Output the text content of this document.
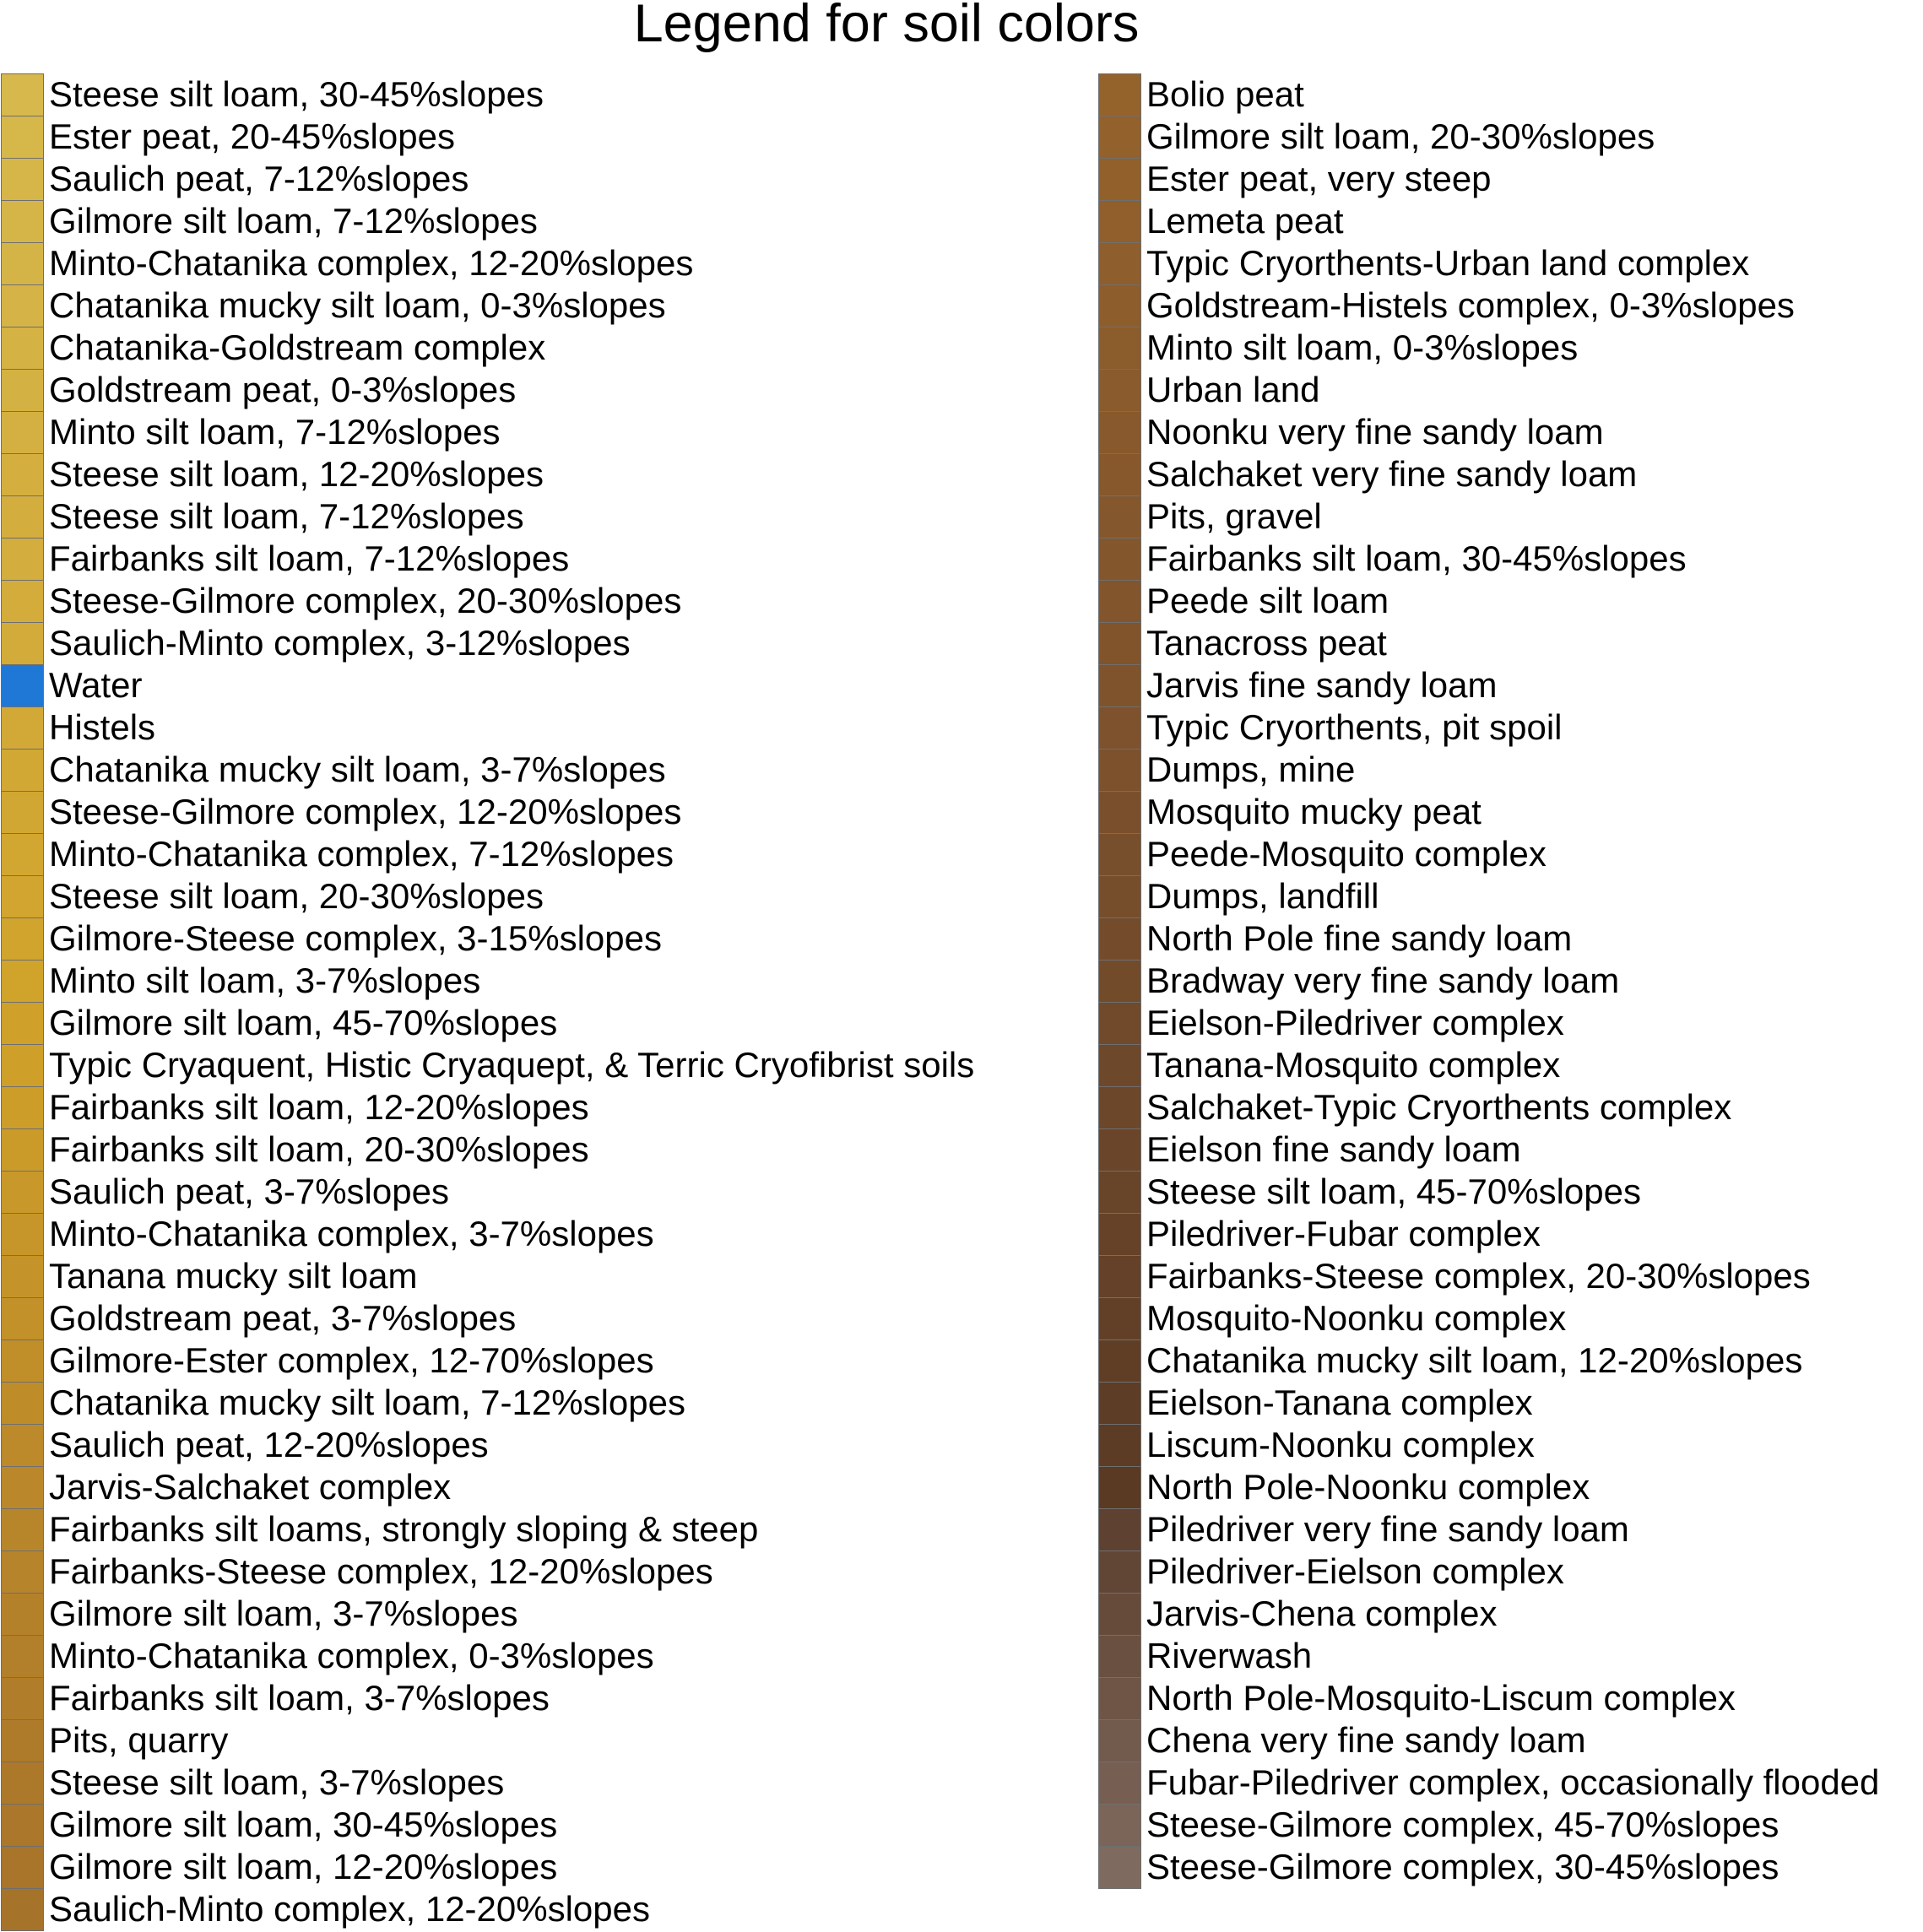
Legend for soil colors
Steese silt loam, 30-45%slopes
Ester peat, 20-45%slopes
Saulich peat, 7-12%slopes
Gilmore silt loam, 7-12%slopes
Minto-Chatanika complex, 12-20%slopes
Chatanika mucky silt loam, 0-3%slopes
Chatanika-Goldstream complex
Goldstream peat, 0-3%slopes
Minto silt loam, 7-12%slopes
Steese silt loam, 12-20%slopes
Steese silt loam, 7-12%slopes
Fairbanks silt loam, 7-12%slopes
Steese-Gilmore complex, 20-30%slopes
Saulich-Minto complex, 3-12%slopes
Water
Histels
Chatanika mucky silt loam, 3-7%slopes
Steese-Gilmore complex, 12-20%slopes
Minto-Chatanika complex, 7-12%slopes
Steese silt loam, 20-30%slopes
Gilmore-Steese complex, 3-15%slopes
Minto silt loam, 3-7%slopes
Gilmore silt loam, 45-70%slopes
Typic Cryaquent, Histic Cryaquept, & Terric Cryofibrist soils
Fairbanks silt loam, 12-20%slopes
Fairbanks silt loam, 20-30%slopes
Saulich peat, 3-7%slopes
Minto-Chatanika complex, 3-7%slopes
Tanana mucky silt loam
Goldstream peat, 3-7%slopes
Gilmore-Ester complex, 12-70%slopes
Chatanika mucky silt loam, 7-12%slopes
Saulich peat, 12-20%slopes
Jarvis-Salchaket complex
Fairbanks silt loams, strongly sloping & steep
Fairbanks-Steese complex, 12-20%slopes
Gilmore silt loam, 3-7%slopes
Minto-Chatanika complex, 0-3%slopes
Fairbanks silt loam, 3-7%slopes
Pits, quarry
Steese silt loam, 3-7%slopes
Gilmore silt loam, 30-45%slopes
Gilmore silt loam, 12-20%slopes
Saulich-Minto complex, 12-20%slopes
Bolio peat
Gilmore silt loam, 20-30%slopes
Ester peat, very steep
Lemeta peat
Typic Cryorthents-Urban land complex
Goldstream-Histels complex, 0-3%slopes
Minto silt loam, 0-3%slopes
Urban land
Noonku very fine sandy loam
Salchaket very fine sandy loam
Pits, gravel
Fairbanks silt loam, 30-45%slopes
Peede silt loam
Tanacross peat
Jarvis fine sandy loam
Typic Cryorthents, pit spoil
Dumps, mine
Mosquito mucky peat
Peede-Mosquito complex
Dumps, landfill
North Pole fine sandy loam
Bradway very fine sandy loam
Eielson-Piledriver complex
Tanana-Mosquito complex
Salchaket-Typic Cryorthents complex
Eielson fine sandy loam
Steese silt loam, 45-70%slopes
Piledriver-Fubar complex
Fairbanks-Steese complex, 20-30%slopes
Mosquito-Noonku complex
Chatanika mucky silt loam, 12-20%slopes
Eielson-Tanana complex
Liscum-Noonku complex
North Pole-Noonku complex
Piledriver very fine sandy loam
Piledriver-Eielson complex
Jarvis-Chena complex
Riverwash
North Pole-Mosquito-Liscum complex
Chena very fine sandy loam
Fubar-Piledriver complex, occasionally flooded
Steese-Gilmore complex, 45-70%slopes
Steese-Gilmore complex, 30-45%slopes
